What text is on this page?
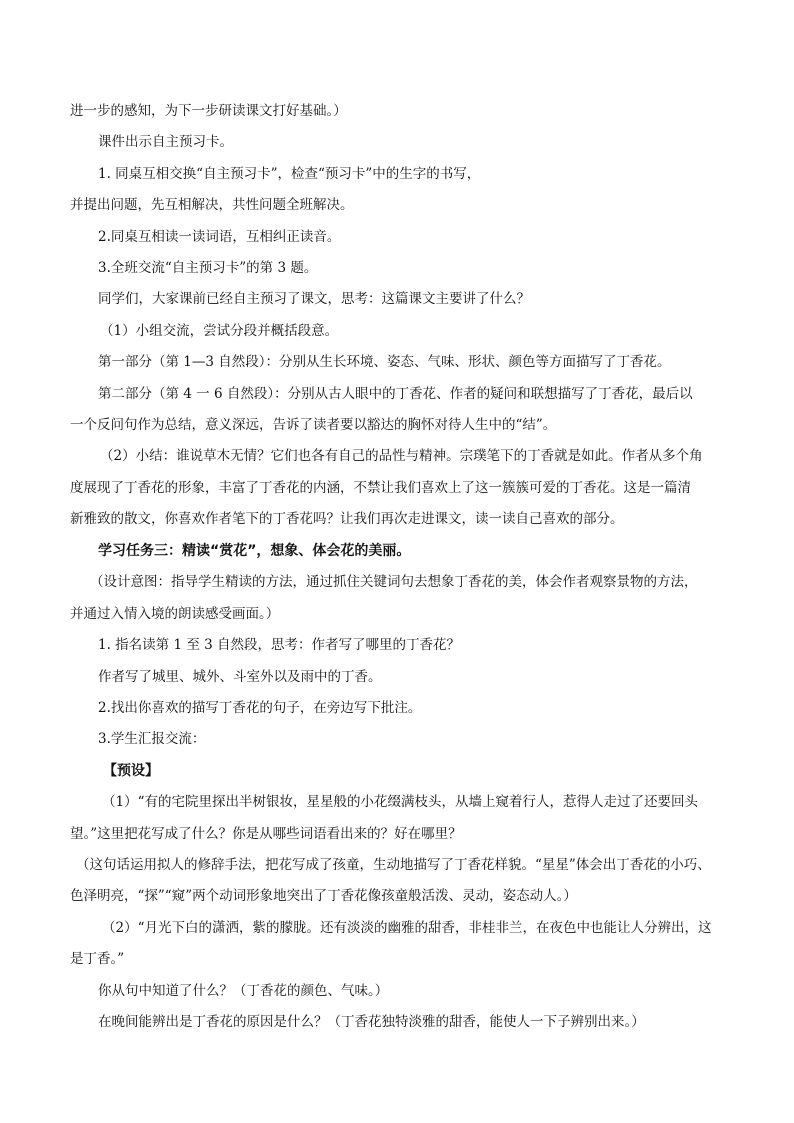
进一步的感知，为下一步研读课文打好基础。）
课件出示自主预习卡。
1. 同桌互相交换“自主预习卡”，检查“预习卡”中的生字的书写，
并提出问题，先互相解决，共性问题全班解决。
2.同桌互相读一读词语，互相纠正读音。
3.全班交流“自主预习卡”的第 3 题。
同学们，大家课前已经自主预习了课文，思考：这篇课文主要讲了什么？
（1）小组交流，尝试分段并概括段意。
第一部分（第 1—3 自然段）：分别从生长环境、姿态、气味、形状、颜色等方面描写了丁香花。
第二部分（第 4 一 6 自然段）：分别从古人眼中的丁香花、作者的疑问和联想描写了丁香花，最后以
一个反问句作为总结，意义深远，告诉了读者要以豁达的胸怀对待人生中的“结”。
（2）小结：谁说草木无情？它们也各有自己的品性与精神。宗璞笔下的丁香就是如此。作者从多个角
度展现了丁香花的形象，丰富了丁香花的内涵，不禁让我们喜欢上了这一簇簇可爱的丁香花。这是一篇清
新雅致的散文，你喜欢作者笔下的丁香花吗？让我们再次走进课文，读一读自己喜欢的部分。
学习任务三：精读“赏花”，想象、体会花的美丽。
（设计意图：指导学生精读的方法，通过抓住关键词句去想象丁香花的美，体会作者观察景物的方法，
并通过入情入境的朗读感受画面。）
1. 指名读第 1 至 3 自然段，思考：作者写了哪里的丁香花？
作者写了城里、城外、斗室外以及雨中的丁香。
2.找出你喜欢的描写丁香花的句子，在旁边写下批注。
3.学生汇报交流：
【预设】
（1）“有的宅院里探出半树银妆，星星般的小花缀满枝头，从墙上窥着行人，惹得人走过了还要回头
望。”这里把花写成了什么？你是从哪些词语看出来的？好在哪里？
（这句话运用拟人的修辞手法，把花写成了孩童，生动地描写了丁香花样貌。“星星”体会出丁香花的小巧、
色泽明亮，“探”“窥”两个动词形象地突出了丁香花像孩童般活泼、灵动，姿态动人。）
（2）“月光下白的潇洒，紫的朦胧。还有淡淡的幽雅的甜香，非桂非兰，在夜色中也能让人分辨出，这
是丁香。”
你从句中知道了什么？（丁香花的颜色、气味。）
在晚间能辨出是丁香花的原因是什么？（丁香花独特淡雅的甜香，能使人一下子辨别出来。）
